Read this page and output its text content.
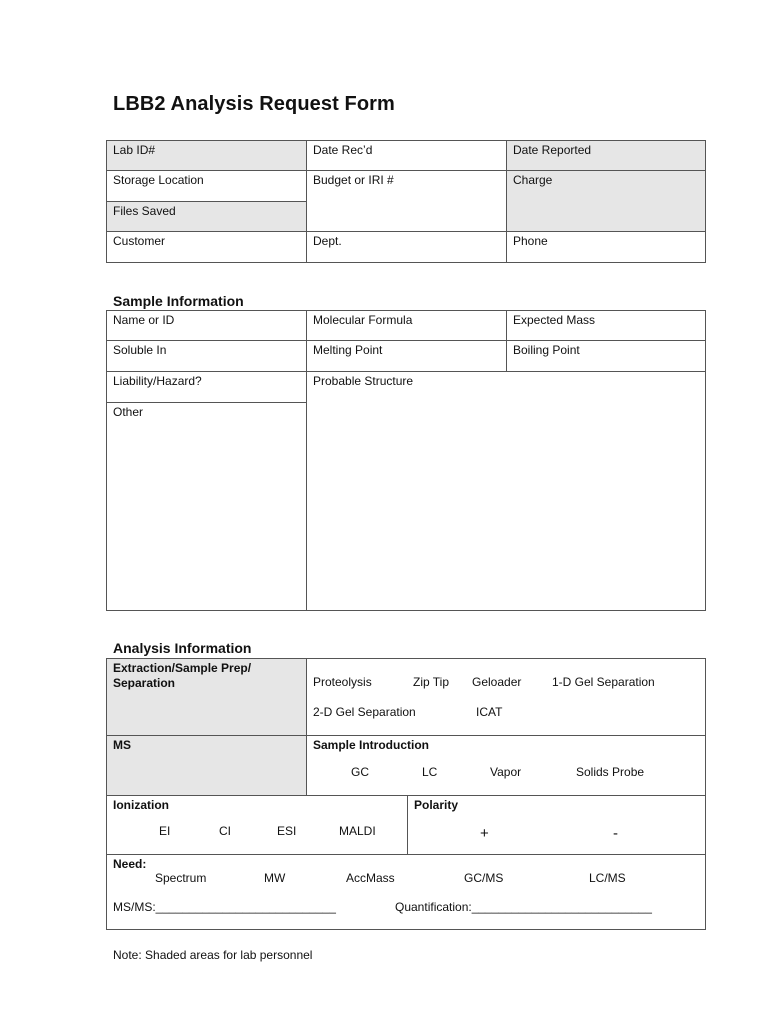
LBB2 Analysis Request Form
Lab ID#	Date Rec’d	Date Reported
Storage Location	Budget or IRI #	Charge
Files Saved
Customer	Dept.	Phone
Sample Information
Name or ID	Molecular Formula	Expected Mass
Soluble In	Melting Point	Boiling Point
Liability/Hazard?	Probable Structure
Other
Analysis Information
Extraction/Sample Prep/
Separation	Proteolysis	Zip Tip Geloader	1-D Gel Separation
2-D Gel Separation	ICAT
MS	Sample Introduction
GC	LC	Vapor	Solids Probe
Ionization	Polarity
EI	CI	ESI	MALDI	+	-
Need:
Spectrum	MW	AccMass	GC/MS	LC/MS
MS/MS:___________________________	Quantification:___________________________
Note: Shaded areas for lab personnel
